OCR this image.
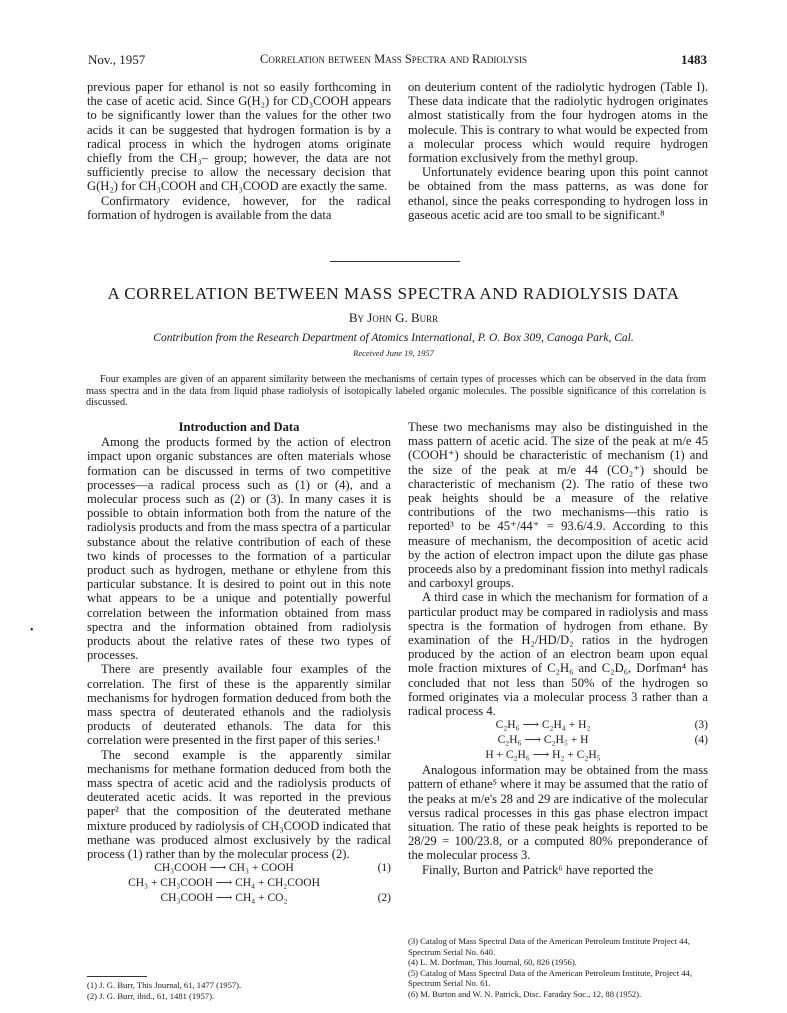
Nov., 1957	Correlation between Mass Spectra and Radiolysis	1483

previous paper for ethanol is not so easily forthcoming in the case of acetic acid. Since G(H₂) for CD₃COOH appears to be significantly lower than the values for the other two acids it can be suggested that hydrogen formation is by a radical process in which the hydrogen atoms originate chiefly from the CH₃– group; however, the data are not sufficiently precise to allow the necessary decision that G(H₂) for CH₃COOH and CH₃COOD are exactly the same.

Confirmatory evidence, however, for the radical formation of hydrogen is available from the data

on deuterium content of the radiolytic hydrogen (Table I). These data indicate that the radiolytic hydrogen originates almost statistically from the four hydrogen atoms in the molecule. This is contrary to what would be expected from a molecular process which would require hydrogen formation exclusively from the methyl group.

Unfortunately evidence bearing upon this point cannot be obtained from the mass patterns, as was done for ethanol, since the peaks corresponding to hydrogen loss in gaseous acetic acid are too small to be significant.⁸

A CORRELATION BETWEEN MASS SPECTRA AND RADIOLYSIS DATA
By John G. Burr
Contribution from the Research Department of Atomics International, P. O. Box 309, Canoga Park, Cal.
Received June 19, 1957

Four examples are given of an apparent similarity between the mechanisms of certain types of processes which can be observed in the data from mass spectra and in the data from liquid phase radiolysis of isotopically labeled organic molecules. The possible significance of this correlation is discussed.

Introduction and Data

Among the products formed by the action of electron impact upon organic substances are often materials whose formation can be discussed in terms of two competitive processes—a radical process such as (1) or (4), and a molecular process such as (2) or (3). In many cases it is possible to obtain information both from the nature of the radiolysis products and from the mass spectra of a particular substance about the relative contribution of each of these two kinds of processes to the formation of a particular product such as hydrogen, methane or ethylene from this particular substance. It is desired to point out in this note what appears to be a unique and potentially powerful correlation between the information obtained from mass spectra and the information obtained from radiolysis products about the relative rates of these two types of processes.

There are presently available four examples of the correlation. The first of these is the apparently similar mechanisms for hydrogen formation deduced from both the mass spectra of deuterated ethanols and the radiolysis products of deuterated ethanols. The data for this correlation were presented in the first paper of this series.¹

The second example is the apparently similar mechanisms for methane formation deduced from both the mass spectra of acetic acid and the radiolysis products of deuterated acetic acids. It was reported in the previous paper² that the composition of the deuterated methane mixture produced by radiolysis of CH₃COOD indicated that methane was produced almost exclusively by the radical process (1) rather than by the molecular process (2).

CH₃COOH ⟶ CH₃ + COOH	(1)
CH₃ + CH₃COOH ⟶ CH₄ + CH₂COOH
CH₃COOH ⟶ CH₄ + CO₂	(2)

(1) J. G. Burr, This Journal, 61, 1477 (1957).

(2) J. G. Burr, ibid., 61, 1481 (1957).

These two mechanisms may also be distinguished in the mass pattern of acetic acid. The size of the peak at m/e 45 (COOH⁺) should be characteristic of mechanism (1) and the size of the peak at m/e 44 (CO₂⁺) should be characteristic of mechanism (2). The ratio of these two peak heights should be a measure of the relative contributions of the two mechanisms—this ratio is reported³ to be 45⁺/44⁺ = 93.6/4.9. According to this measure of mechanism, the decomposition of acetic acid by the action of electron impact upon the dilute gas phase proceeds also by a predominant fission into methyl radicals and carboxyl groups.

A third case in which the mechanism for formation of a particular product may be compared in radiolysis and mass spectra is the formation of hydrogen from ethane. By examination of the H₂/HD/D₂ ratios in the hydrogen produced by the action of an electron beam upon equal mole fraction mixtures of C₂H₆ and C₂D₆, Dorfman⁴ has concluded that not less than 50% of the hydrogen so formed originates via a molecular process 3 rather than a radical process 4.

C₂H₆ ⟶ C₂H₄ + H₂	(3)
C₂H₆ ⟶ C₂H₅ + H	(4)
H + C₂H₆ ⟶ H₂ + C₂H₅

Analogous information may be obtained from the mass pattern of ethane⁵ where it may be assumed that the ratio of the peaks at m/e's 28 and 29 are indicative of the molecular versus radical processes in this gas phase electron impact situation. The ratio of these peak heights is reported to be 28/29 = 100/23.8, or a computed 80% preponderance of the molecular process 3.

Finally, Burton and Patrick⁶ have reported the

(3) Catalog of Mass Spectral Data of the American Petroleum Institute Project 44, Spectrum Serial No. 640.

(4) L. M. Dorfman, This Journal, 60, 826 (1956).

(5) Catalog of Mass Spectral Data of the American Petroleum Institute, Project 44, Spectrum Serial No. 61.

(6) M. Burton and W. N. Patrick, Disc. Faraday Soc., 12, 88 (1952).

•
